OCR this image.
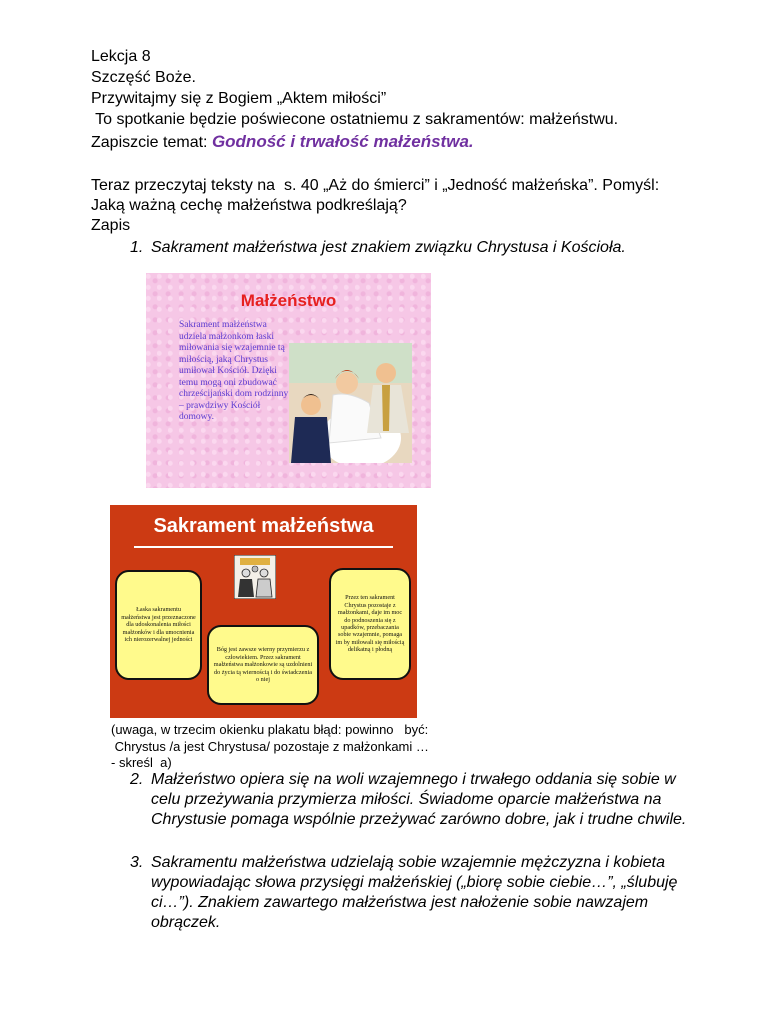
Lekcja 8
Szczęść Boże.
Przywitajmy się z Bogiem „Aktem miłości”
To spotkanie będzie poświecone ostatniemu z sakramentów: małżeństwu.
Zapiszcie temat: Godność i trwałość małżeństwa.
Teraz przeczytaj teksty na  s. 40 „Aż do śmierci” i „Jedność małżeńska”. Pomyśl:
Jaką ważną cechę małżeństwa podkreślają?
Zapis
1. Sakrament małżeństwa jest znakiem związku Chrystusa i Kościoła.
Małżeństwo
Sakrament małżeństwa udziela małżonkom łaski miłowania się wzajemnie tą miłością, jaką Chrystus umiłował Kościół. Dzięki temu mogą oni zbudować chrześcijański dom rodzinny – prawdziwy Kościół domowy.
Sakrament małżeństwa
Łaska sakramentu małżeństwa jest przeznaczone dla udoskonalenia miłości małżonków i dla umocnienia ich nierozerwalnej jedności
Bóg jest zawsze wierny przymierzu z człowiekiem. Przez sakrament małżeństwa małżonkowie są uzdolnieni do życia tą wiernością i do świadczenia o niej
Przez ten sakrament Chrystus pozostaje z małżonkami, daje im moc do podnoszenia się z upadków, przebaczania sobie wzajemnie, pomaga im by miłowali się miłością delikatną i płodną
(uwaga, w trzecim okienku plakatu błąd: powinno   być:
Chrystus /a jest Chrystusa/ pozostaje z małżonkami …
- skreśl  a)
2. Małżeństwo opiera się na woli wzajemnego i trwałego oddania się sobie w celu przeżywania przymierza miłości. Świadome oparcie małżeństwa na Chrystusie pomaga wspólnie przeżywać zarówno dobre, jak i trudne chwile.
3. Sakramentu małżeństwa udzielają sobie wzajemnie mężczyzna i kobieta wypowiadając słowa przysięgi małżeńskiej („biorę sobie ciebie…”, „ślubuję ci…”). Znakiem zawartego małżeństwa jest nałożenie sobie nawzajem obrączek.
